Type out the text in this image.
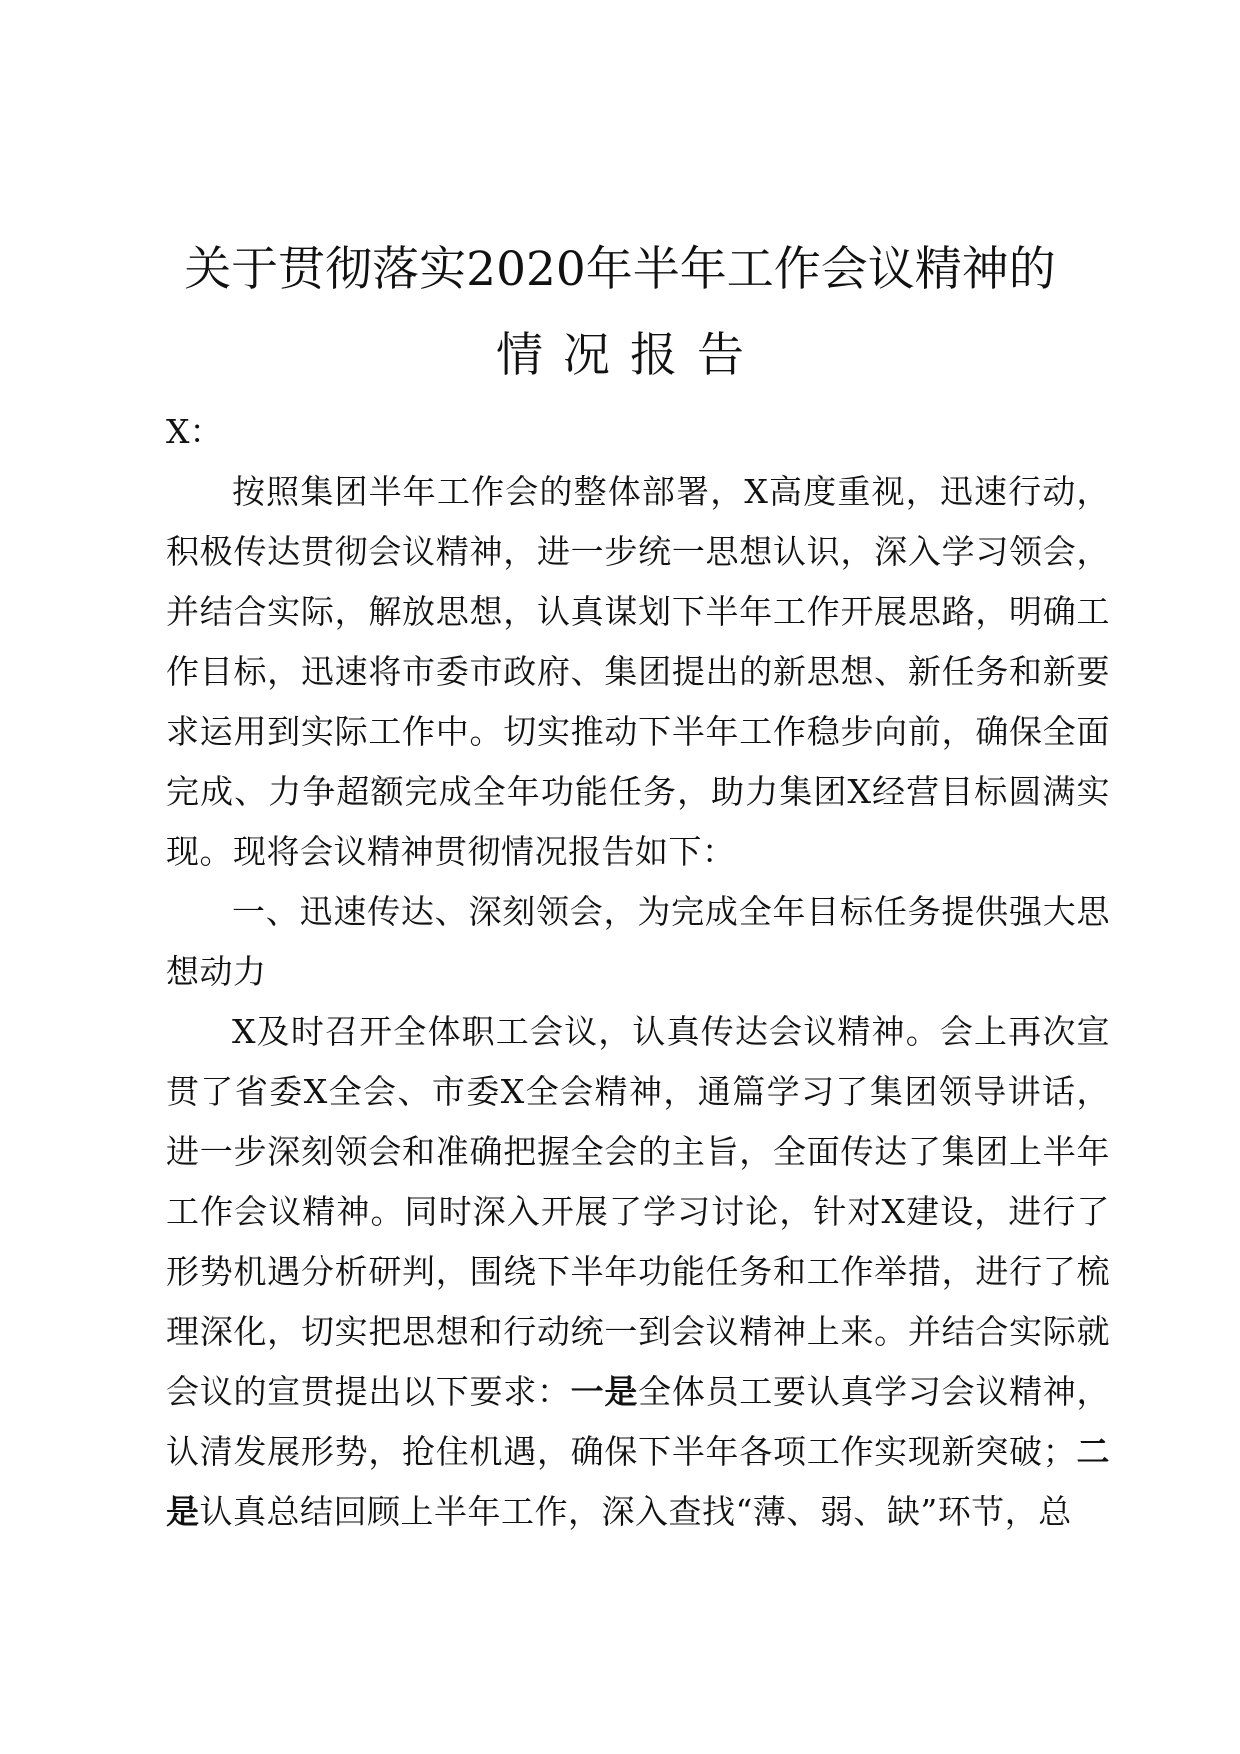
关于贯彻落实2020年半年工作会议精神的
情况报告
X：

按照集团半年工作会的整体部署，X高度重视，迅速行动，积极传达贯彻会议精神，进一步统一思想认识，深入学习领会，并结合实际，解放思想，认真谋划下半年工作开展思路，明确工作目标，迅速将市委市政府、集团提出的新思想、新任务和新要求运用到实际工作中。切实推动下半年工作稳步向前，确保全面完成、力争超额完成全年功能任务，助力集团X经营目标圆满实现。现将会议精神贯彻情况报告如下：

一、迅速传达、深刻领会，为完成全年目标任务提供强大思想动力

X及时召开全体职工会议，认真传达会议精神。会上再次宣贯了省委X全会、市委X全会精神，通篇学习了集团领导讲话，进一步深刻领会和准确把握全会的主旨，全面传达了集团上半年工作会议精神。同时深入开展了学习讨论，针对X建设，进行了形势机遇分析研判，围绕下半年功能任务和工作举措，进行了梳理深化，切实把思想和行动统一到会议精神上来。并结合实际就会议的宣贯提出以下要求：一是全体员工要认真学习会议精神，认清发展形势，抢住机遇，确保下半年各项工作实现新突破；二是认真总结回顾上半年工作，深入查找“薄、弱、缺”环节，总
